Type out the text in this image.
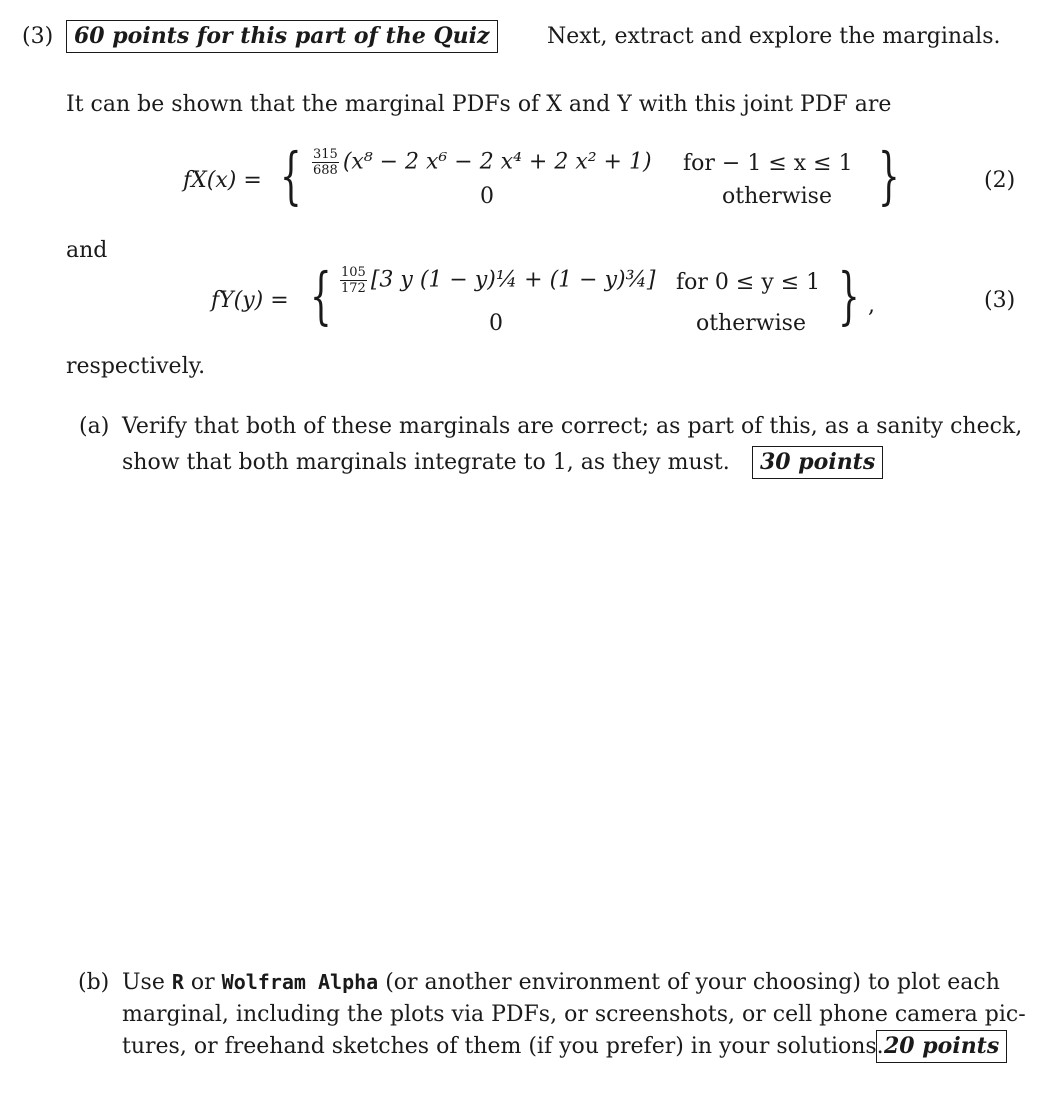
(3) 60 points for this part of the Quiz	Next, extract and explore the marginals.
It can be shown that the marginal PDFs of X and Y with this joint PDF are
fX(x) = { $\frac{315}{688} (x^8 - 2$ x⁶ − 2 x⁴ + 2 x² + 1) for − 1 ≤ x ≤ 1
0	otherwise }	(2)
and
fY(y) = { $\frac{105}{172} [3$ y (1 − y)¼ + (1 − y)¾] for 0 ≤ y ≤ 1
0	otherwise } ,	(3)
respectively.
(a) Verify that both of these marginals are correct; as part of this, as a sanity check,
show that both marginals integrate to 1, as they must.	30 points
(b) Use R or Wolfram Alpha (or another environment of your choosing) to plot each
marginal, including the plots via PDFs, or screenshots, or cell phone camera pic-
tures, or freehand sketches of them (if you prefer) in your solutions. 20 points
